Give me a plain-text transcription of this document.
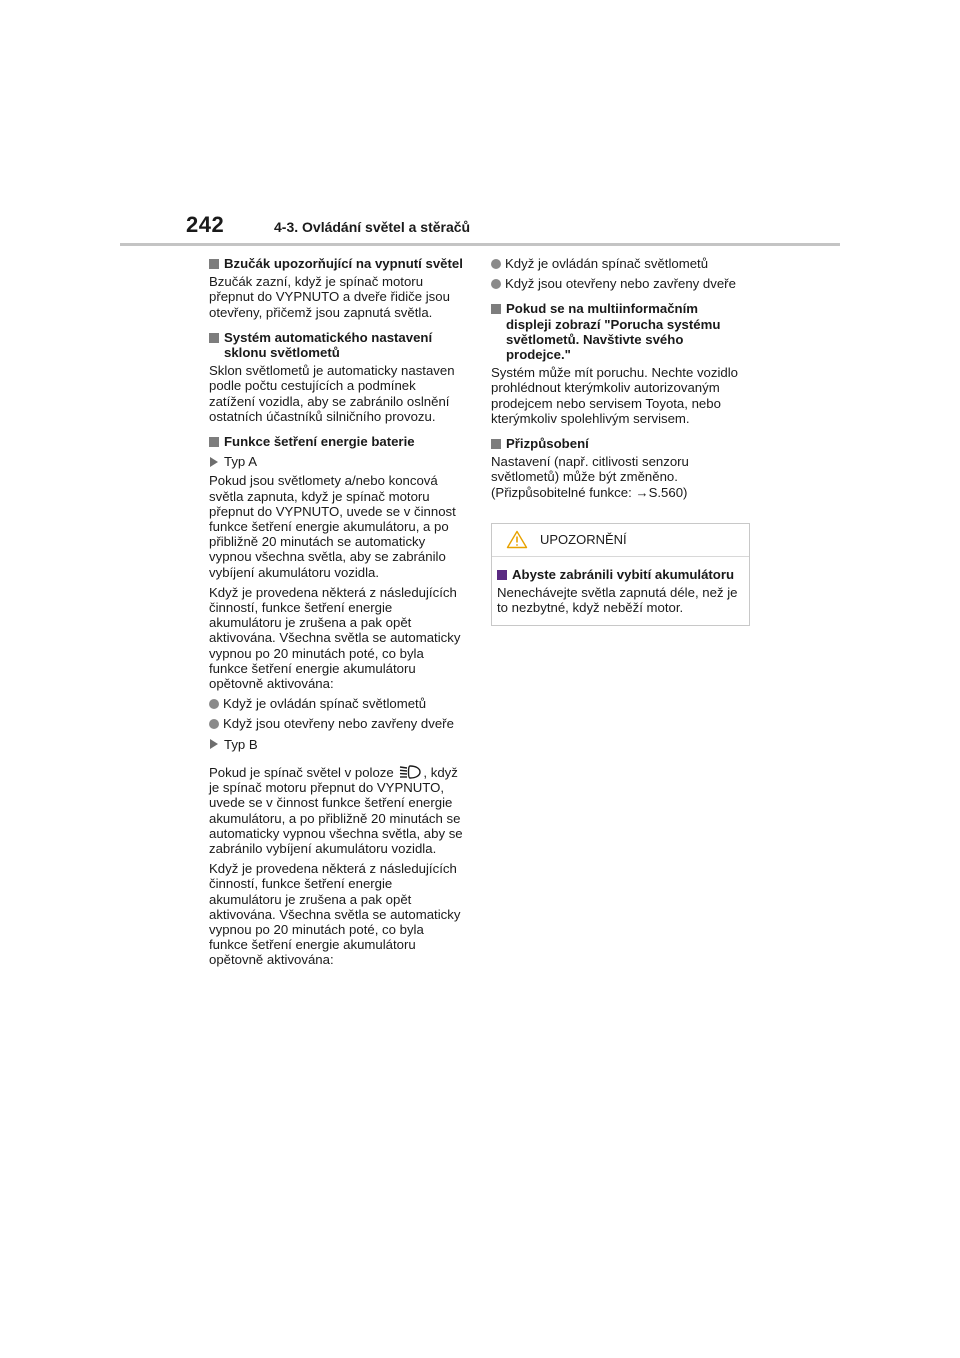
242	4-3. Ovládání světel a stěračů
Bzučák upozorňující na vypnutí světel

Bzučák zazní, když je spínač motoru přepnut do VYPNUTO a dveře řidiče jsou otevřeny, přičemž jsou zapnutá světla.

Systém automatického nastavení sklonu světlometů

Sklon světlometů je automaticky nastaven podle počtu cestujících a podmínek zatížení vozidla, aby se zabránilo oslnění ostatních účastníků silničního provozu.

Funkce šetření energie baterie
Typ A

Pokud jsou světlomety a/nebo koncová světla zapnuta, když je spínač motoru přepnut do VYPNUTO, uvede se v činnost funkce šetření energie akumulátoru, a po přibližně 20 minutách se automaticky vypnou všechna světla, aby se zabránilo vybíjení akumulátoru vozidla.

Když je provedena některá z následujících činností, funkce šetření energie akumulátoru je zrušena a pak opět aktivována. Všechna světla se automaticky vypnou po 20 minutách poté, co byla funkce šetření energie akumulátoru opětovně aktivována:

Když je ovládán spínač světlometů
Když jsou otevřeny nebo zavřeny dveře
Typ B

Pokud je spínač světel v poloze , když je spínač motoru přepnut do VYPNUTO, uvede se v činnost funkce šetření energie akumulátoru, a po přibližně 20 minutách se automaticky vypnou všechna světla, aby se zabránilo vybíjení akumulátoru vozidla.

Když je provedena některá z následujících činností, funkce šetření energie akumulátoru je zrušena a pak opět aktivována. Všechna světla se automaticky vypnou po 20 minutách poté, co byla funkce šetření energie akumulátoru opětovně aktivována:

Když je ovládán spínač světlometů
Když jsou otevřeny nebo zavřeny dveře
Pokud se na multiinformačním displeji zobrazí "Porucha systému světlometů. Navštivte svého prodejce."

Systém může mít poruchu. Nechte vozidlo prohlédnout kterýmkoliv autorizovaným prodejcem nebo servisem Toyota, nebo kterýmkoliv spolehlivým servisem.

Přizpůsobení

Nastavení (např. citlivosti senzoru světlometů) může být změněno.

(Přizpůsobitelné funkce: →S.560)

UPOZORNĚNÍ
Abyste zabránili vybití akumulátoru

Nenechávejte světla zapnutá déle, než je to nezbytné, když neběží motor.
